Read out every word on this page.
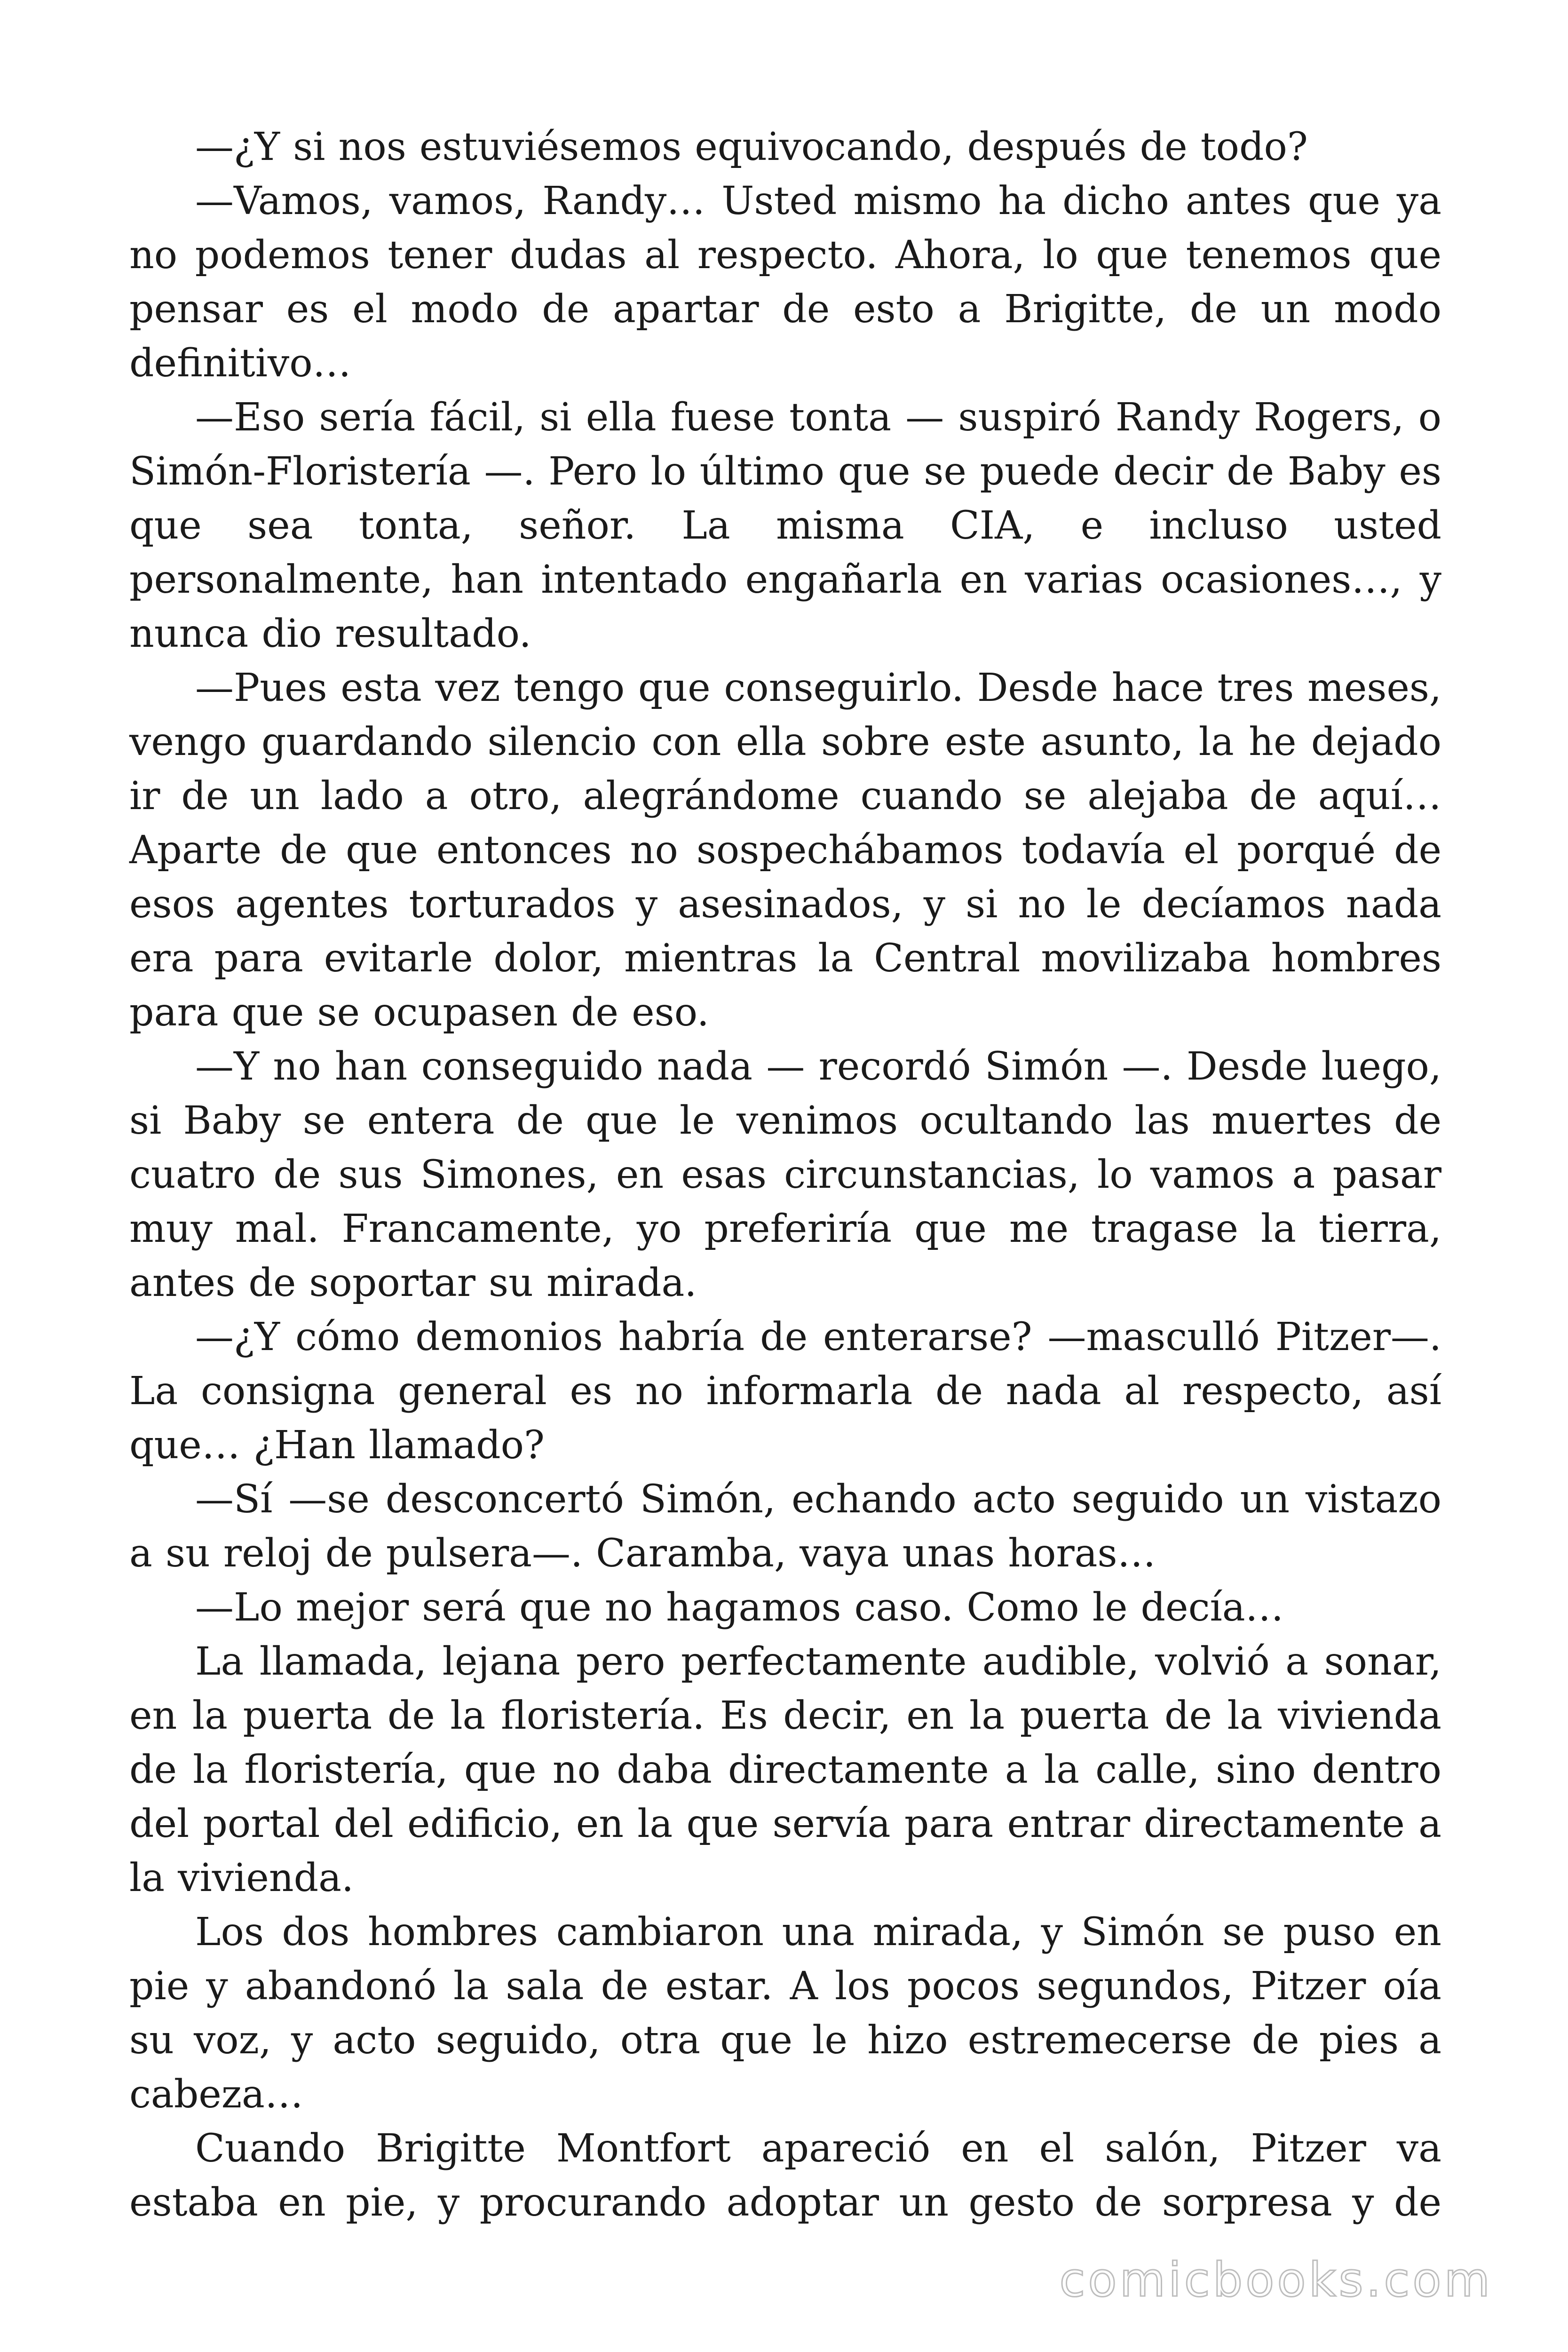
—¿Y si nos estuviésemos equivocando, después de todo?

—Vamos, vamos, Randy… Usted mismo ha dicho antes que ya no podemos tener dudas al respecto. Ahora, lo que tenemos que pensar es el modo de apartar de esto a Brigitte, de un modo definitivo…

—Eso sería fácil, si ella fuese tonta — suspiró Randy Rogers, o Simón-Floristería —. Pero lo último que se puede decir de Baby es que sea tonta, señor. La misma CIA, e incluso usted personalmente, han intentado engañarla en varias ocasiones…, y nunca dio resultado.

—Pues esta vez tengo que conseguirlo. Desde hace tres meses, vengo guardando silencio con ella sobre este asunto, la he dejado ir de un lado a otro, alegrándome cuando se alejaba de aquí… Aparte de que entonces no sospechábamos todavía el porqué de esos agentes torturados y asesinados, y si no le decíamos nada era para evitarle dolor, mientras la Central movilizaba hombres para que se ocupasen de eso.

—Y no han conseguido nada — recordó Simón —. Desde luego, si Baby se entera de que le venimos ocultando las muertes de cuatro de sus Simones, en esas circunstancias, lo vamos a pasar muy mal. Francamente, yo preferiría que me tragase la tierra, antes de soportar su mirada.

—¿Y cómo demonios habría de enterarse? —masculló Pitzer—. La consigna general es no informarla de nada al respecto, así que… ¿Han llamado?

—Sí —se desconcertó Simón, echando acto seguido un vistazo a su reloj de pulsera—. Caramba, vaya unas horas…

—Lo mejor será que no hagamos caso. Como le decía…

La llamada, lejana pero perfectamente audible, volvió a sonar, en la puerta de la floristería. Es decir, en la puerta de la vivienda de la floristería, que no daba directamente a la calle, sino dentro del portal del edificio, en la que servía para entrar directamente a la vivienda.

Los dos hombres cambiaron una mirada, y Simón se puso en pie y abandonó la sala de estar. A los pocos segundos, Pitzer oía su voz, y acto seguido, otra que le hizo estremecerse de pies a cabeza…

Cuando Brigitte Montfort apareció en el salón, Pitzer va estaba en pie, y procurando adoptar un gesto de sorpresa y de

comicbooks.com
